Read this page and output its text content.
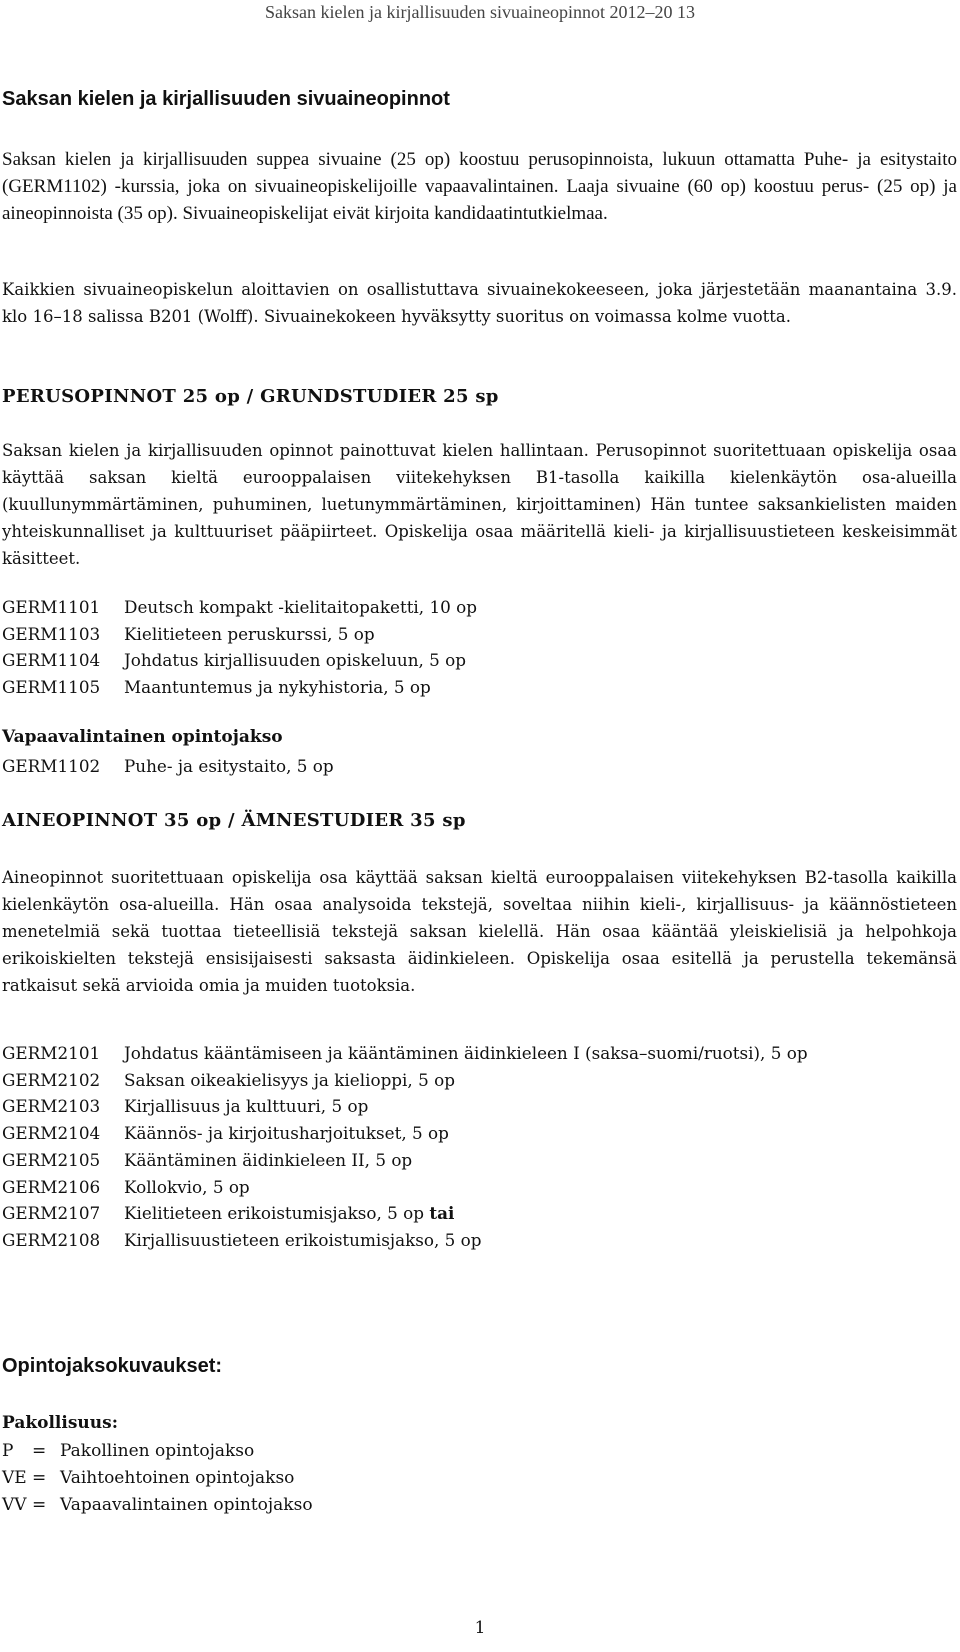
Saksan kielen ja kirjallisuuden sivuaineopinnot 2012–20 13
Saksan kielen ja kirjallisuuden sivuaineopinnot
Saksan kielen ja kirjallisuuden suppea sivuaine (25 op) koostuu perusopinnoista, lukuun ottamatta Puhe- ja esitystaito (GERM1102) -kurssia, joka on sivuaineopiskelijoille vapaavalintainen. Laaja sivuaine (60 op) koostuu perus- (25 op) ja aineopinnoista (35 op). Sivuaineopiskelijat eivät kirjoita kandidaatintutkielmaa.
Kaikkien sivuaineopiskelun aloittavien on osallistuttava sivuainekokeeseen, joka järjestetään maanantaina 3.9. klo 16–18 salissa B201 (Wolff). Sivuainekokeen hyväksytty suoritus on voimassa kolme vuotta.
PERUSOPINNOT 25 op / GRUNDSTUDIER 25 sp
Saksan kielen ja kirjallisuuden opinnot painottuvat kielen hallintaan. Perusopinnot suoritettuaan opiskelija osaa käyttää saksan kieltä eurooppalaisen viitekehyksen B1-tasolla kaikilla kielenkäytön osa-alueilla (kuullunymmärtäminen, puhuminen, luetunymmärtäminen, kirjoittaminen) Hän tuntee saksankielisten maiden yhteiskunnalliset ja kulttuuriset pääpiirteet. Opiskelija osaa määritellä kieli- ja kirjallisuustieteen keskeisimmät käsitteet.
GERM1101 Deutsch kompakt -kielitaitopaketti, 10 op
GERM1103 Kielitieteen peruskurssi, 5 op
GERM1104 Johdatus kirjallisuuden opiskeluun, 5 op
GERM1105 Maantuntemus ja nykyhistoria, 5 op
Vapaavalintainen opintojakso
GERM1102 Puhe- ja esitystaito, 5 op
AINEOPINNOT 35 op / ÄMNESTUDIER 35 sp
Aineopinnot suoritettuaan opiskelija osa käyttää saksan kieltä eurooppalaisen viitekehyksen B2-tasolla kaikilla kielenkäytön osa-alueilla. Hän osaa analysoida tekstejä, soveltaa niihin kieli-, kirjallisuus- ja käännöstieteen menetelmiä sekä tuottaa tieteellisiä tekstejä saksan kielellä. Hän osaa kääntää yleiskielisiä ja helpohkoja erikoiskielten tekstejä ensisijaisesti saksasta äidinkieleen. Opiskelija osaa esitellä ja perustella tekemänsä ratkaisut sekä arvioida omia ja muiden tuotoksia.
GERM2101 Johdatus kääntämiseen ja kääntäminen äidinkieleen I (saksa–suomi/ruotsi), 5 op
GERM2102 Saksan oikeakielisyys ja kielioppi, 5 op
GERM2103 Kirjallisuus ja kulttuuri, 5 op
GERM2104 Käännös- ja kirjoitusharjoitukset, 5 op
GERM2105 Kääntäminen äidinkieleen II, 5 op
GERM2106 Kollokvio, 5 op
GERM2107 Kielitieteen erikoistumisjakso, 5 op tai
GERM2108 Kirjallisuustieteen erikoistumisjakso, 5 op
Opintojaksokuvaukset:
Pakollisuus:
P = Pakollinen opintojakso
VE = Vaihtoehtoinen opintojakso
VV = Vapaavalintainen opintojakso
1
